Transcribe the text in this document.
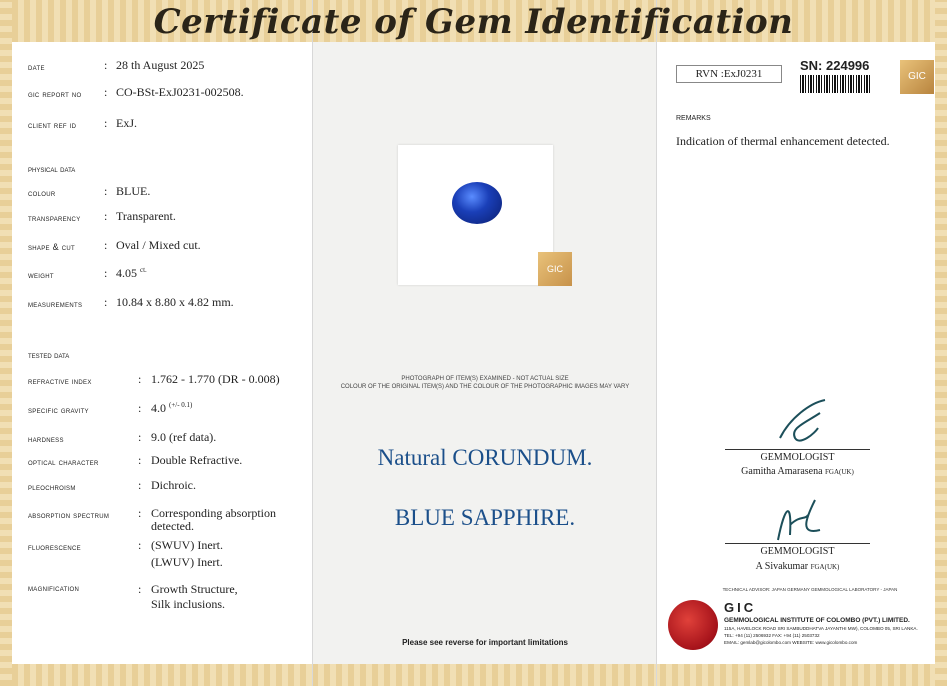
Certificate of Gem Identification
date	: 28 th August 2025
gic report no : CO-BSt-ExJ0231-002508.
client ref id : ExJ.
physical data
colour	: BLUE.
transparency : Transparent.
shape & cut : Oval / Mixed cut.
weight	: 4.05 $^{ct.}$
measurements : 10.84 x 8.80 x 4.82 mm.
tested data
refractive index	: 1.762 - 1.770 (DR - 0.008)
specific gravity	: 4.0 $^{(+/- 0.1)}$
hardness	: 9.0 (ref data).
optical character	: Double Refractive.
pleochroism	: Dichroic.
absorption spectrum : Corresponding absorption
detected.
fluorescence	: (SWUV) Inert.
(LWUV) Inert.
magnification	: Growth Structure,
Silk inclusions.
GIC
PHOTOGRAPH OF ITEM(S) EXAMINED - NOT ACTUAL SIZE
COLOUR OF THE ORIGINAL ITEM(S) AND THE COLOUR OF THE PHOTOGRAPHIC IMAGES MAY VARY
Natural CORUNDUM.
BLUE SAPPHIRE.
Please see reverse for important limitations
RVN :ExJ0231
SN: 224996
GIC
remarks
Indication of thermal enhancement detected.
GEMMOLOGIST
Gamitha Amarasena FGA(UK)
GEMMOLOGIST
A Sivakumar FGA(UK)
TECHNICAL ADVISOR: JAPAN GERMANY GEMMOLOGICAL LABORATORY - JAPAN
GIC
GEMMOLOGICAL INSTITUTE OF COLOMBO (PVT.) LIMITED.
115A, HAVELOCK ROAD SRI SAMBUDDHATVA JAYANTHI MW), COLOMBO 05, SRI LANKA.
TEL: +94 (11) 2506932 FAX: +94 (11) 2503732
EMAIL: gemlab@gicolombo.com WEBSITE: www.gicolombo.com
